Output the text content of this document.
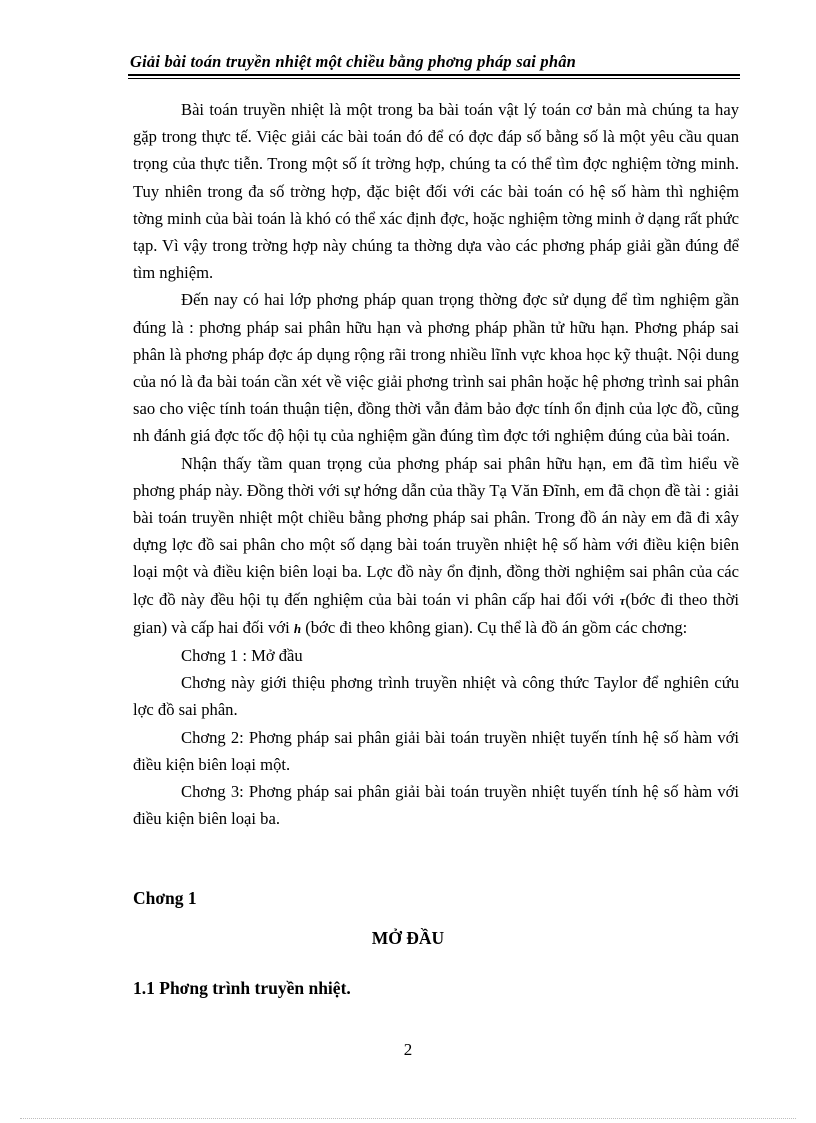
Giải bài toán truyền nhiệt một chiều bằng phơng pháp sai phân

Bài toán truyền nhiệt là một trong ba bài toán vật lý toán cơ bản mà chúng ta hay gặp trong thực tế. Việc giải các bài toán đó để có đợc đáp số bằng số là một yêu cầu quan trọng của thực tiễn. Trong một số ít trờng hợp, chúng ta có thể tìm đợc nghiệm tờng minh. Tuy nhiên trong đa số trờng hợp, đặc biệt đối với các bài toán có hệ số hàm thì nghiệm tờng minh của bài toán là khó có thể xác định đợc, hoặc nghiệm tờng minh ở dạng rất phức tạp. Vì vậy trong trờng hợp này chúng ta thờng dựa vào các phơng pháp giải gần đúng để tìm nghiệm.

Đến nay có hai lớp phơng pháp quan trọng thờng đợc sử dụng để tìm nghiệm gần đúng là : phơng pháp sai phân hữu hạn và phơng pháp phần tử hữu hạn. Phơng pháp sai phân là phơng pháp đợc áp dụng rộng rãi trong nhiều lĩnh vực khoa học kỹ thuật. Nội dung của nó là đa bài toán cần xét về việc giải phơng trình sai phân hoặc hệ phơng trình sai phân sao cho việc tính toán thuận tiện, đồng thời vẫn đảm bảo đợc tính ổn định của lợc đồ, cũng nh đánh giá đợc tốc độ hội tụ của nghiệm gần đúng tìm đợc tới nghiệm đúng của bài toán.

Nhận thấy tầm quan trọng của phơng pháp sai phân hữu hạn, em đã tìm hiểu về phơng pháp này. Đồng thời với sự hớng dẫn của thầy Tạ Văn Đĩnh, em đã chọn đề tài : giải bài toán truyền nhiệt một chiều bằng phơng pháp sai phân. Trong đồ án này em đã đi xây dựng lợc đồ sai phân cho một số dạng bài toán truyền nhiệt hệ số hàm với điều kiện biên loại một và điều kiện biên loại ba. Lợc đồ này ổn định, đồng thời nghiệm sai phân của các lợc đồ này đều hội tụ đến nghiệm của bài toán vi phân cấp hai đối với τ(bớc đi theo thời gian) và cấp hai đối với h (bớc đi theo không gian). Cụ thể là đồ án gồm các chơng:

Chơng 1 : Mở đầu

Chơng này giới thiệu phơng trình truyền nhiệt và công thức Taylor để nghiên cứu lợc đồ sai phân.

Chơng 2: Phơng pháp sai phân giải bài toán truyền nhiệt tuyến tính hệ số hàm với điều kiện biên loại một.

Chơng 3: Phơng pháp sai phân giải bài toán truyền nhiệt tuyến tính hệ số hàm với điều kiện biên loại ba.

Chơng 1
MỞ ĐẦU
1.1 Phơng trình truyền nhiệt.
2
